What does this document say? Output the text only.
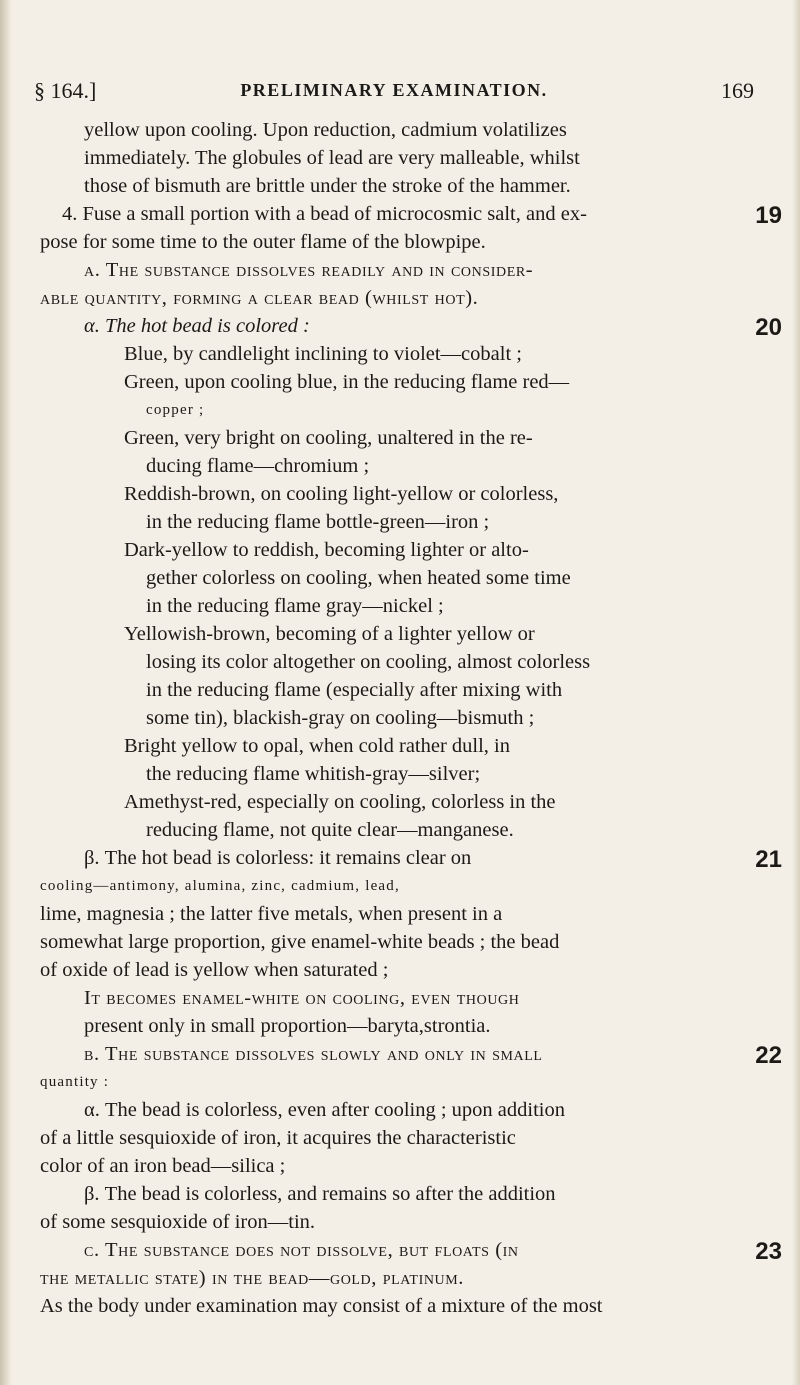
§ 164.]	PRELIMINARY EXAMINATION.	169
yellow upon cooling. Upon reduction, cadmium volatilizes
immediately. The globules of lead are very malleable, whilst
those of bismuth are brittle under the stroke of the hammer.
4. Fuse a small portion with a bead of microcosmic salt, and ex-
pose for some time to the outer flame of the blowpipe.
a. The substance dissolves readily and in consider-
able quantity, forming a clear bead (whilst hot).
α. The hot bead is colored :
Blue, by candlelight inclining to violet—cobalt ;
Green, upon cooling blue, in the reducing flame red—
copper ;
Green, very bright on cooling, unaltered in the re-
ducing flame—chromium ;
Reddish-brown, on cooling light-yellow or colorless,
in the reducing flame bottle-green—iron ;
Dark-yellow to reddish, becoming lighter or alto-
gether colorless on cooling, when heated some time
in the reducing flame gray—nickel ;
Yellowish-brown, becoming of a lighter yellow or
losing its color altogether on cooling, almost colorless
in the reducing flame (especially after mixing with
some tin), blackish-gray on cooling—bismuth ;
Bright yellow to opal, when cold rather dull, in
the reducing flame whitish-gray—silver;
Amethyst-red, especially on cooling, colorless in the
reducing flame, not quite clear—manganese.
β. The hot bead is colorless: it remains clear on
cooling—antimony, alumina, zinc, cadmium, lead,
lime, magnesia ; the latter five metals, when present in a
somewhat large proportion, give enamel-white beads ; the bead
of oxide of lead is yellow when saturated ;
It becomes enamel-white on cooling, even though
present only in small proportion—baryta,strontia.
b. The substance dissolves slowly and only in small
quantity :
α. The bead is colorless, even after cooling ; upon addition
of a little sesquioxide of iron, it acquires the characteristic
color of an iron bead—silica ;
β. The bead is colorless, and remains so after the addition
of some sesquioxide of iron—tin.
c. The substance does not dissolve, but floats (in
the metallic state) in the bead—gold, platinum.
As the body under examination may consist of a mixture of the most
19
20
21
22
23
